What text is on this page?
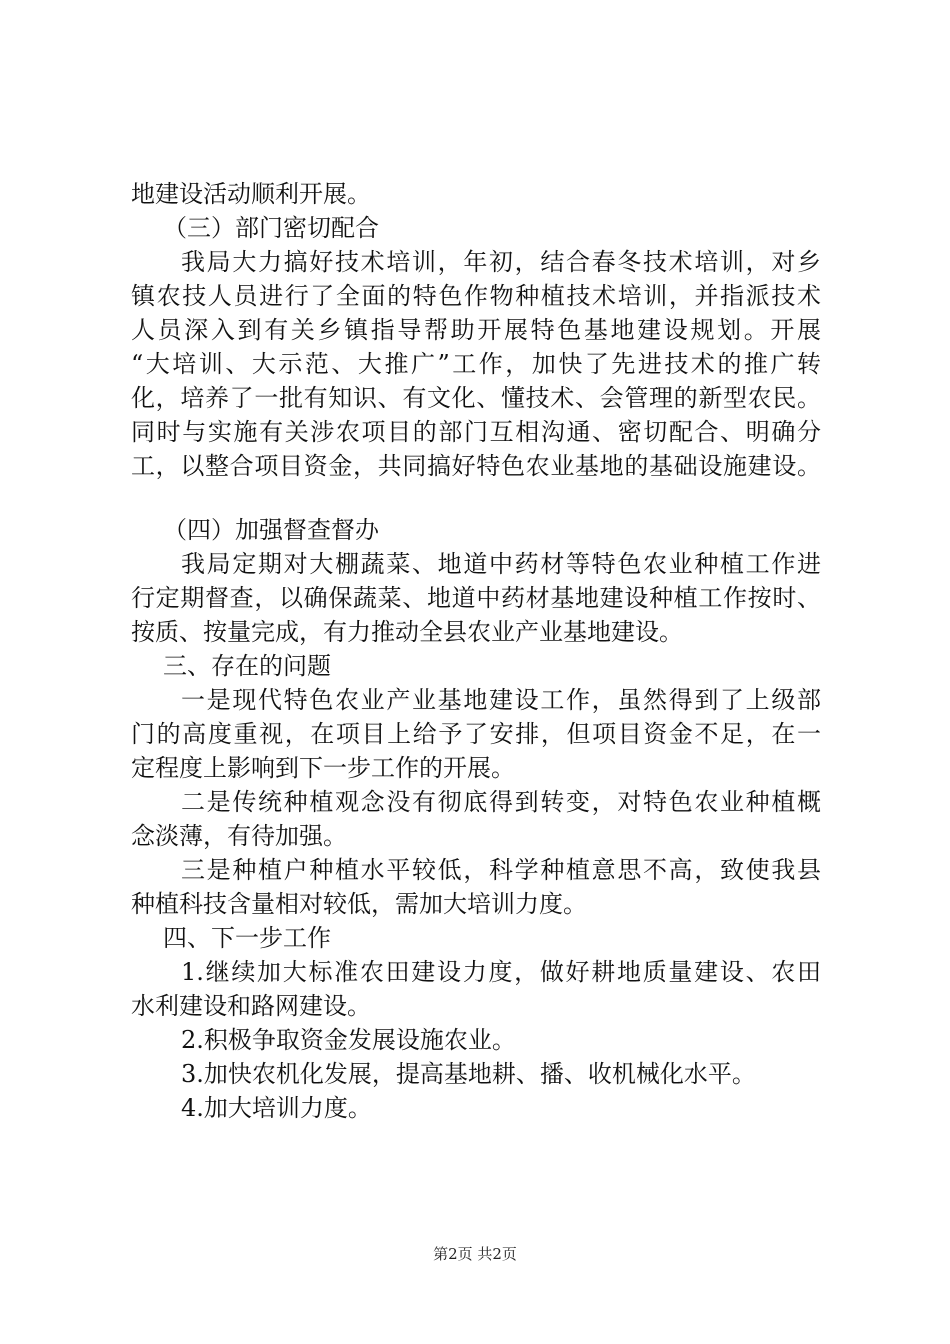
地建设活动顺利开展。
（三）部门密切配合
我局大力搞好技术培训，年初，结合春冬技术培训，对乡
镇农技人员进行了全面的特色作物种植技术培训，并指派技术
人员深入到有关乡镇指导帮助开展特色基地建设规划。开展
“大培训、大示范、大推广”工作，加快了先进技术的推广转
化，培养了一批有知识、有文化、懂技术、会管理的新型农民。
同时与实施有关涉农项目的部门互相沟通、密切配合、明确分
工，以整合项目资金，共同搞好特色农业基地的基础设施建设。
（四）加强督查督办
我局定期对大棚蔬菜、地道中药材等特色农业种植工作进
行定期督查，以确保蔬菜、地道中药材基地建设种植工作按时、
按质、按量完成，有力推动全县农业产业基地建设。
三、存在的问题
一是现代特色农业产业基地建设工作，虽然得到了上级部
门的高度重视，在项目上给予了安排，但项目资金不足，在一
定程度上影响到下一步工作的开展。
二是传统种植观念没有彻底得到转变，对特色农业种植概
念淡薄，有待加强。
三是种植户种植水平较低，科学种植意思不高，致使我县
种植科技含量相对较低，需加大培训力度。
四、下一步工作
1.继续加大标准农田建设力度，做好耕地质量建设、农田
水利建设和路网建设。
2.积极争取资金发展设施农业。
3.加快农机化发展，提高基地耕、播、收机械化水平。
4.加大培训力度。
第2页 共2页
